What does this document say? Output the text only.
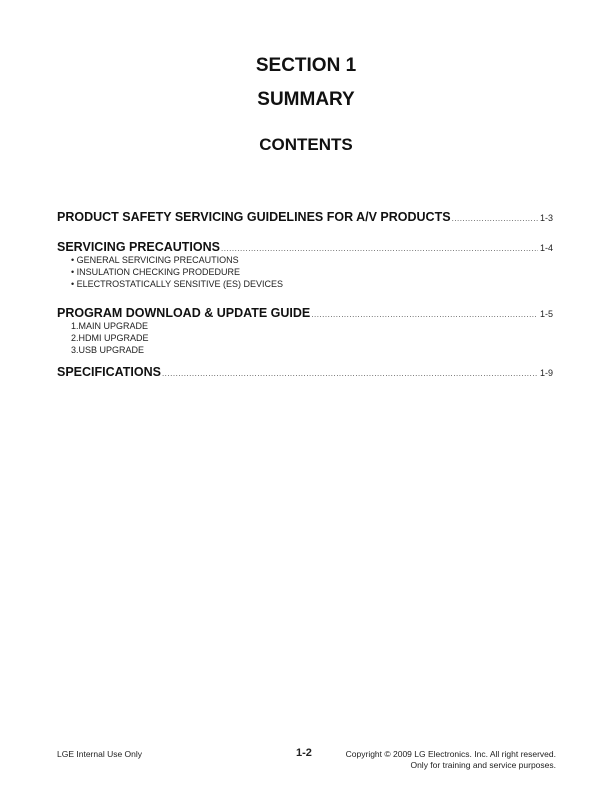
SECTION 1
SUMMARY
CONTENTS
PRODUCT SAFETY SERVICING GUIDELINES FOR A/V PRODUCTS .....	1-3
SERVICING PRECAUTIONS .....	1-4
• GENERAL SERVICING PRECAUTIONS
• INSULATION CHECKING PRODEDURE
• ELECTROSTATICALLY SENSITIVE (ES) DEVICES
PROGRAM DOWNLOAD & UPDATE GUIDE .....	1-5
1.MAIN UPGRADE
2.HDMI UPGRADE
3.USB UPGRADE
SPECIFICATIONS .....	1-9
LGE Internal Use Only	1-2	Copyright © 2009 LG Electronics. Inc. All right reserved.
Only for training and service purposes.
